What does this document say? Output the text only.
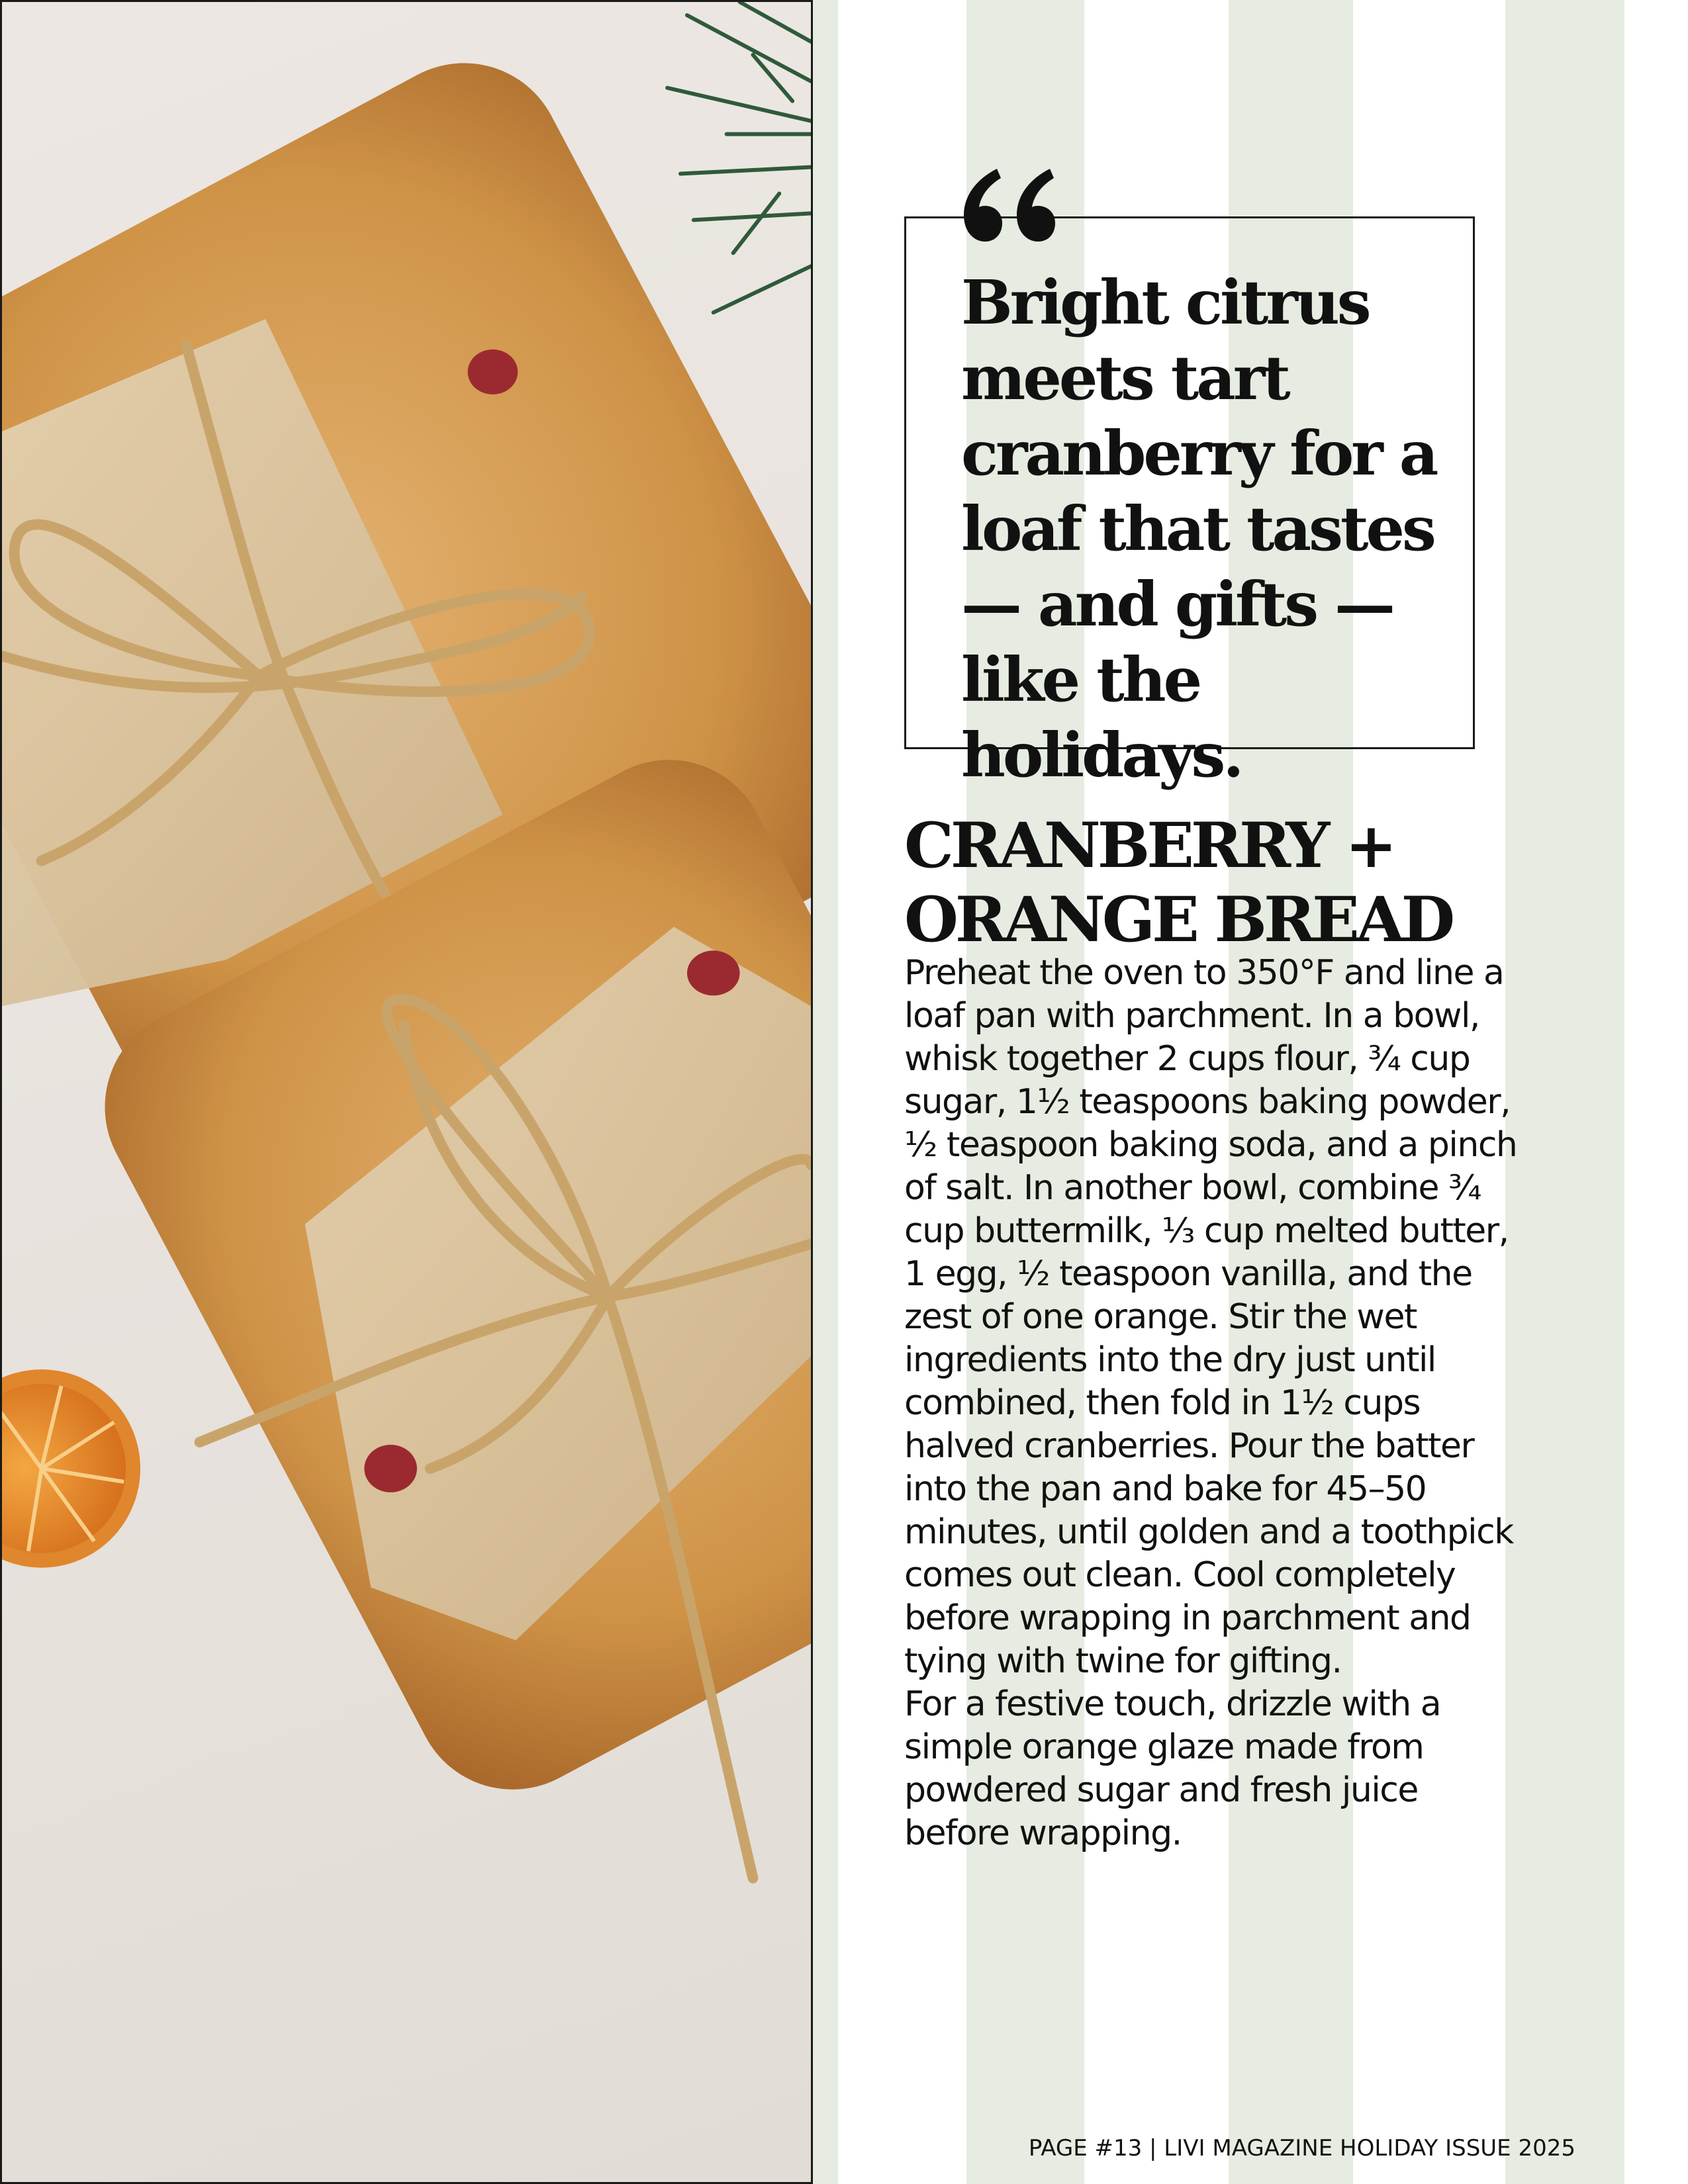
Bright citrus meets tart cranberry for a loaf that tastes — and gifts — like the holidays.
CRANBERRY + ORANGE BREAD

Preheat the oven to 350°F and line a loaf pan with parchment. In a bowl, whisk together 2 cups flour, ¾ cup sugar, 1½ teaspoons baking powder, ½ teaspoon baking soda, and a pinch of salt. In another bowl, combine ¾ cup buttermilk, ⅓ cup melted butter, 1 egg, ½ teaspoon vanilla, and the zest of one orange. Stir the wet ingredients into the dry just until combined, then fold in 1½ cups halved cranberries. Pour the batter into the pan and bake for 45–50 minutes, until golden and a toothpick comes out clean. Cool completely before wrapping in parchment and tying with twine for gifting.

For a festive touch, drizzle with a simple orange glaze made from powdered sugar and fresh juice before wrapping.

PAGE #13 | LIVI MAGAZINE HOLIDAY ISSUE 2025
